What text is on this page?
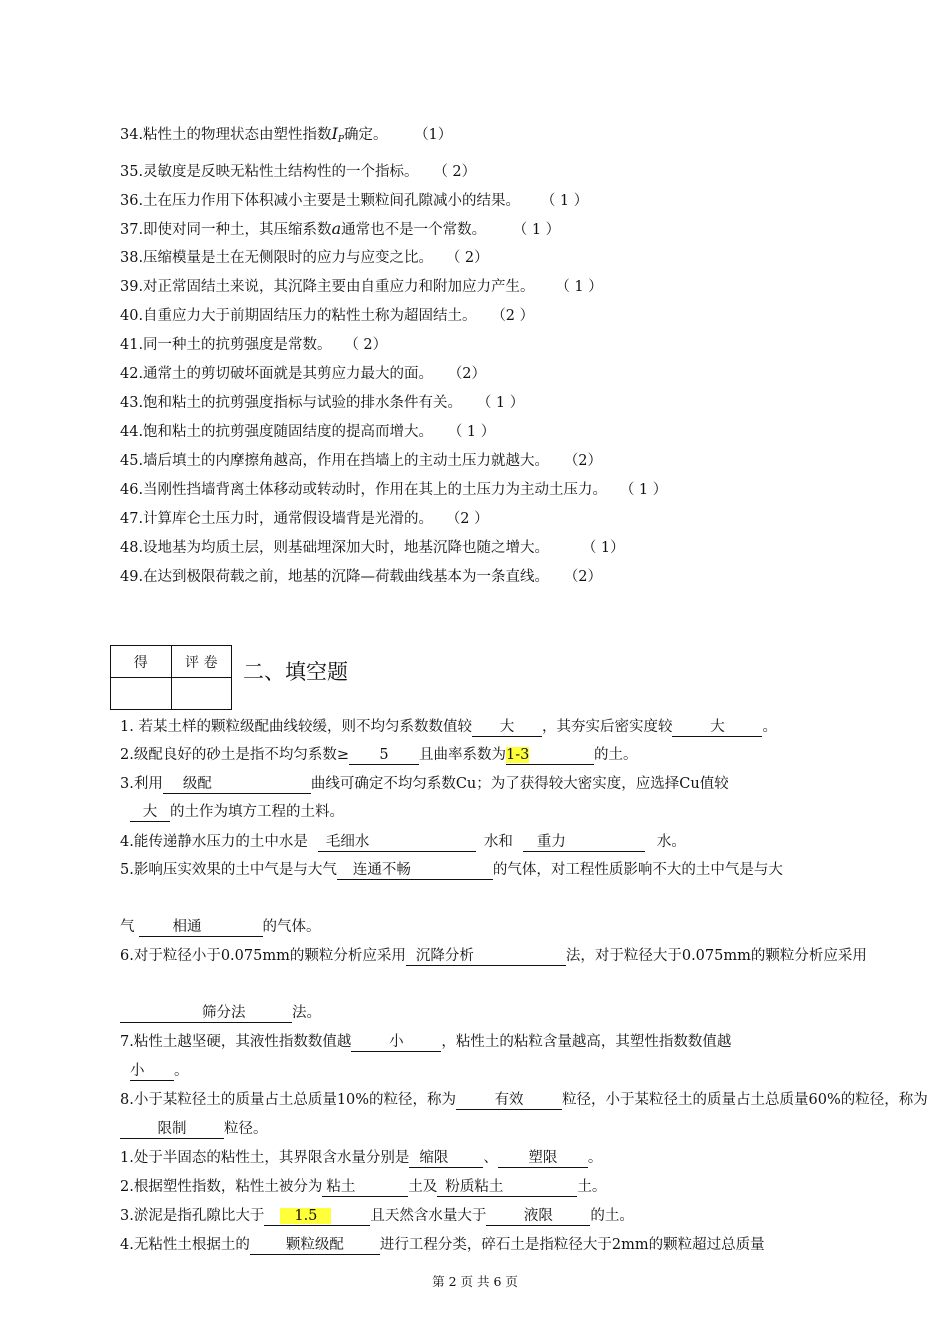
34.粘性土的物理状态由塑性指数$I_P$确定。 （1）
35.灵敏度是反映无粘性土结构性的一个指标。 （ 2）
36.土在压力作用下体积减小主要是土颗粒间孔隙减小的结果。 （ 1 ）
37.即使对同一种土，其压缩系数a通常也不是一个常数。 （ 1 ）
38.压缩模量是土在无侧限时的应力与应变之比。 （ 2）
39.对正常固结土来说，其沉降主要由自重应力和附加应力产生。 （ 1 ）
40.自重应力大于前期固结压力的粘性土称为超固结土。 （2 ）
41.同一种土的抗剪强度是常数。 （ 2）
42.通常土的剪切破坏面就是其剪应力最大的面。 （2）
43.饱和粘土的抗剪强度指标与试验的排水条件有关。 （ 1 ）
44.饱和粘土的抗剪强度随固结度的提高而增大。 （ 1 ）
45.墙后填土的内摩擦角越高，作用在挡墙上的主动土压力就越大。 （2）
46.当刚性挡墙背离土体移动或转动时，作用在其上的土压力为主动土压力。 （ 1 ）
47.计算库仑土压力时，通常假设墙背是光滑的。 （2 ）
48.设地基为均质土层，则基础埋深加大时，地基沉降也随之增大。	（ 1）
49.在达到极限荷载之前，地基的沉降—荷载曲线基本为一条直线。 （2）
得	评 卷
	二、填空题
1. 若某土样的颗粒级配曲线较缓，则不均匀系数数值较 大 ，其夯实后密实度较	大	。
2.级配良好的砂土是指不均匀系数≥ 5 且曲率系数为1-3	的土。
3.利用 级配	曲线可确定不均匀系数Cu；为了获得较大密实度，应选择Cu值较
大 的土作为填方工程的土料。
4.能传递静水压力的土中水是 毛细水	水和 重力	水。
5.影响压实效果的土中气是与大气 连通不畅	的气体，对工程性质影响不大的土中气是与大
气	相通	的气体。
6.对于粒径小于0.075mm的颗粒分析应采用 沉降分析	法，对于粒径大于0.075mm的颗粒分析应采用
筛分法	法。
7.粘性土越坚硬，其液性指数数值越	小	，粘性土的粘粒含量越高，其塑性指数数值越
小 。
8.小于某粒径土的质量占土总质量10%的粒径，称为	有效	粒径，小于某粒径土的质量占土总质量60%的粒径，称为
限制	粒径。
1.处于半固态的粘性土，其界限含水量分别是 缩限 、 塑限 。
2.根据塑性指数，粘性土被分为 粘土	土及 粉质粘土	土。
3.淤泥是指孔隙比大于 1.5	且天然含水量大于	液限	的土。
4.无粘性土根据土的 颗粒级配 进行工程分类，碎石土是指粒径大于2mm的颗粒超过总质量
第 2 页 共 6 页
